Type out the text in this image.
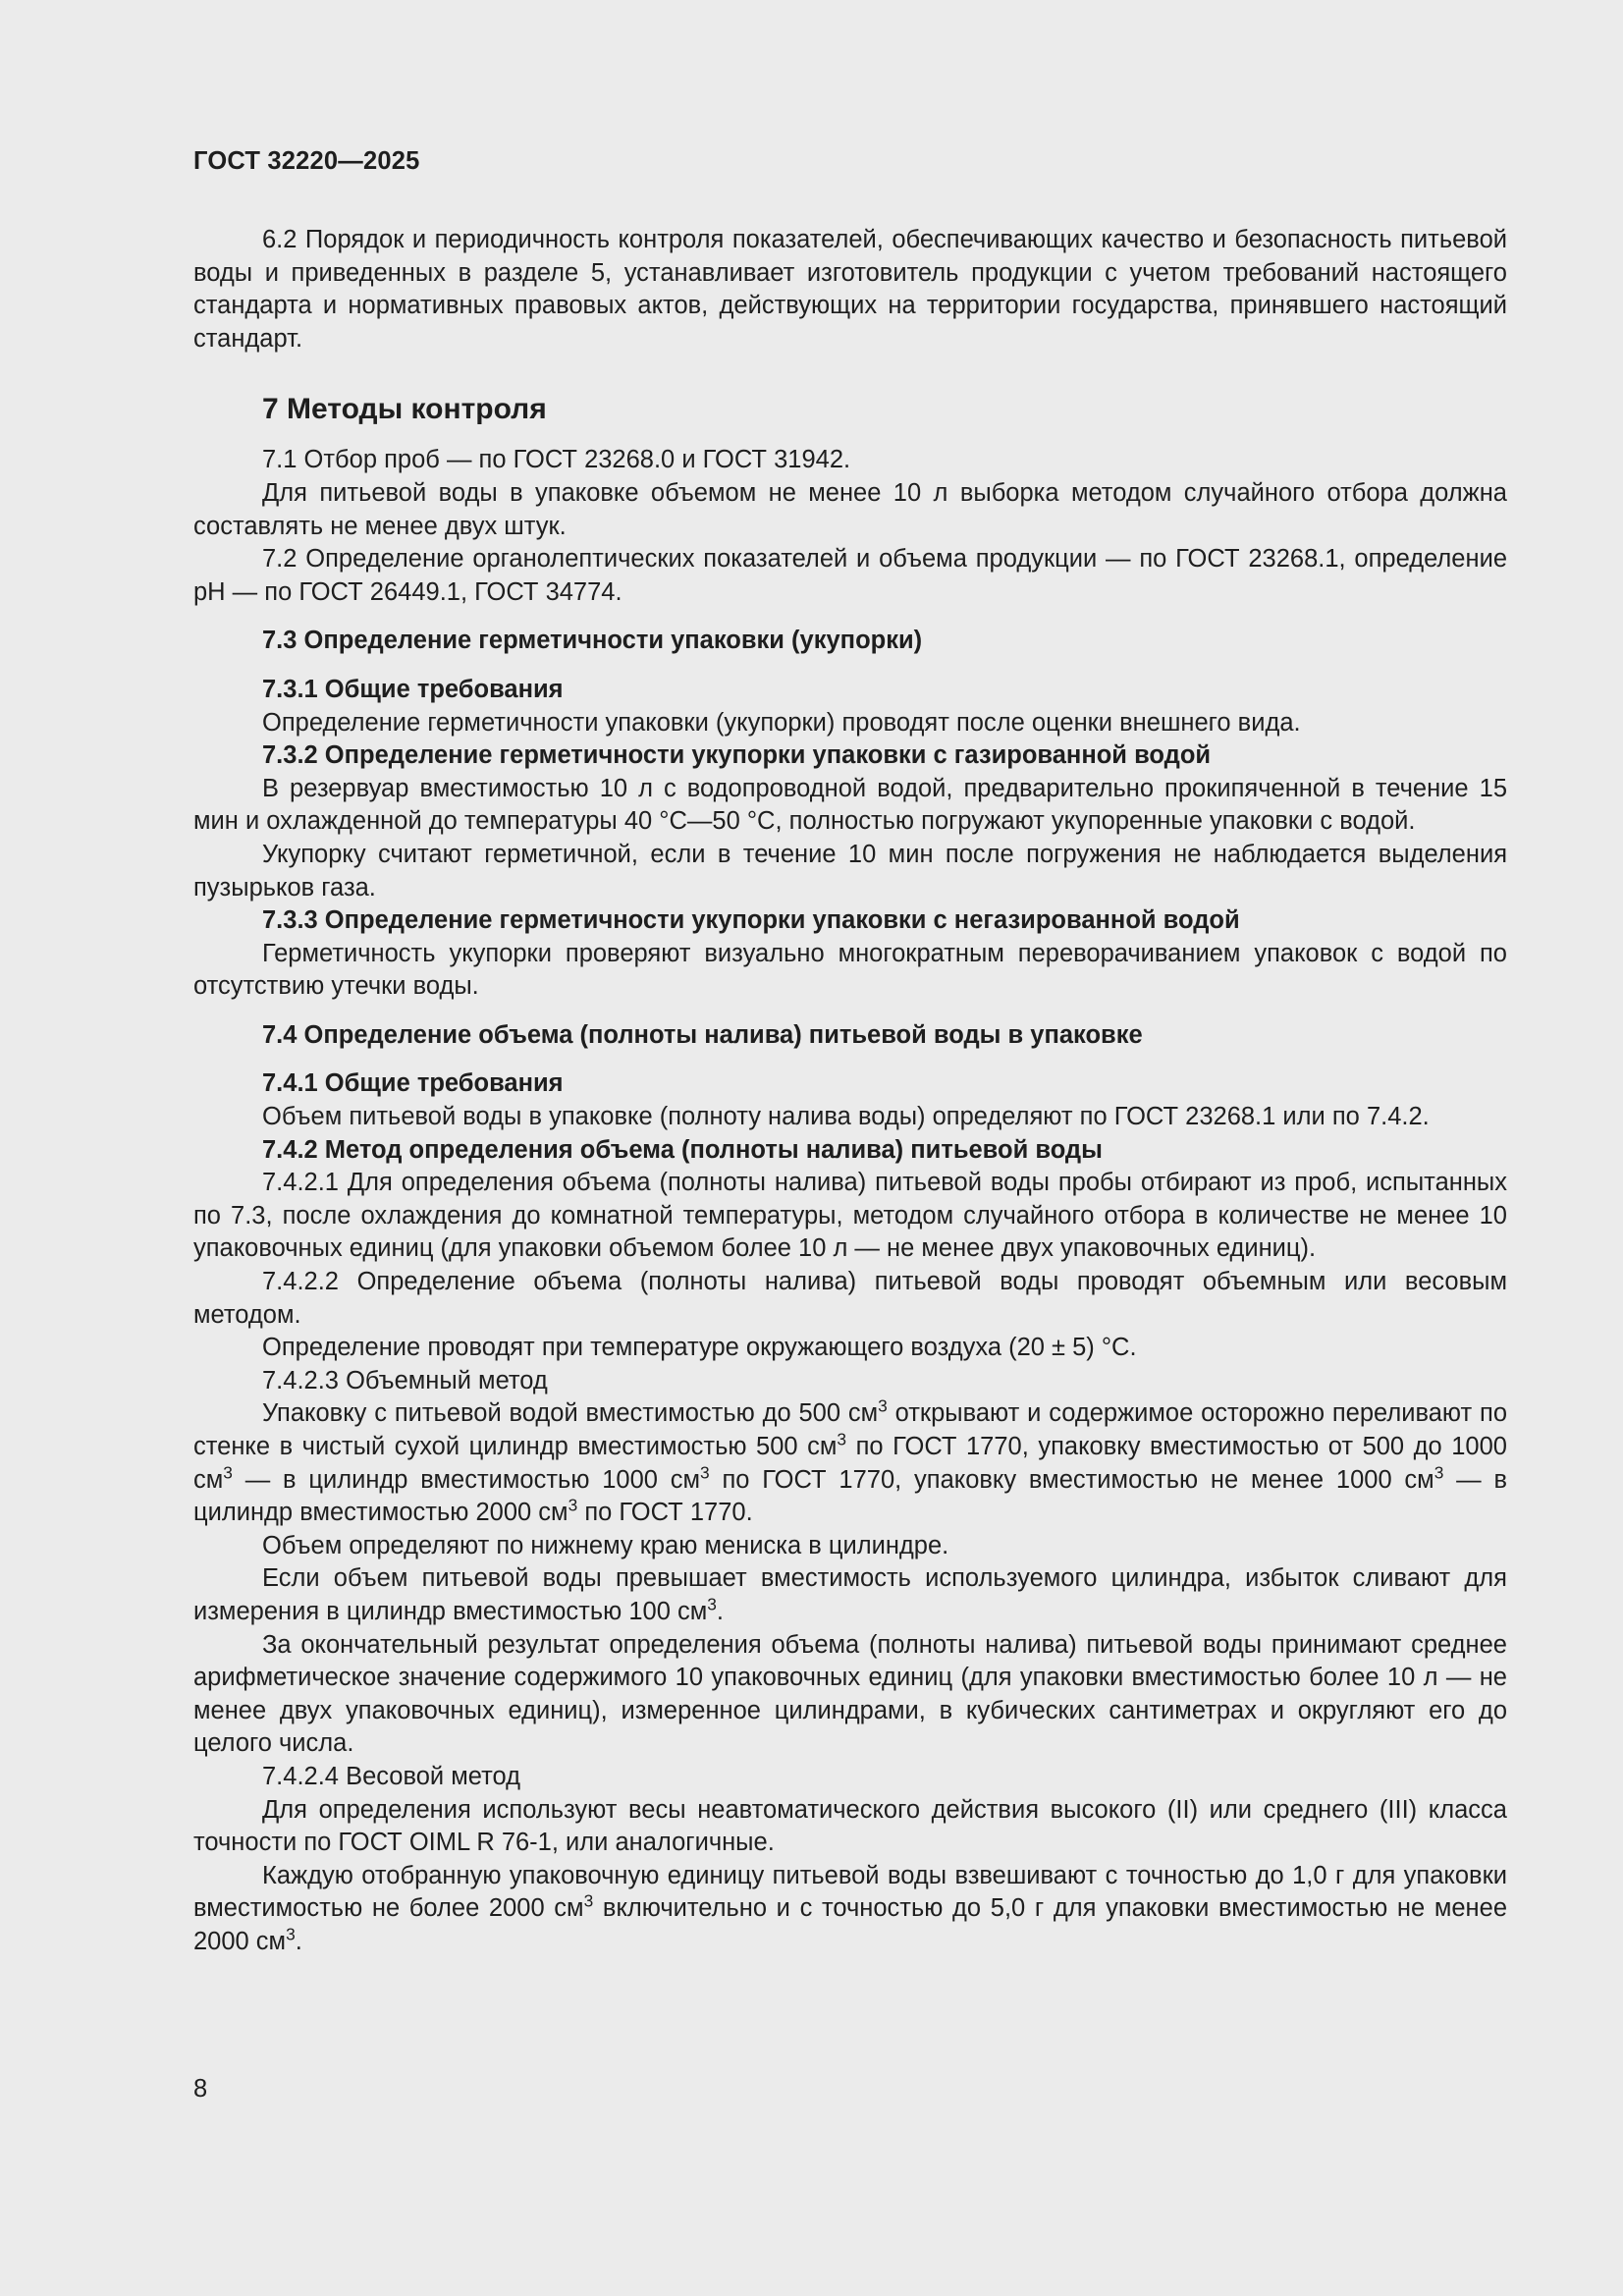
ГОСТ 32220—2025

6.2 Порядок и периодичность контроля показателей, обеспечивающих качество и безопасность питьевой воды и приведенных в разделе 5, устанавливает изготовитель продукции с учетом требований настоящего стандарта и нормативных правовых актов, действующих на территории государства, принявшего настоящий стандарт.

7 Методы контроля

7.1 Отбор проб — по ГОСТ 23268.0 и ГОСТ 31942.

Для питьевой воды в упаковке объемом не менее 10 л выборка методом случайного отбора должна составлять не менее двух штук.

7.2 Определение органолептических показателей и объема продукции — по ГОСТ 23268.1, определение pH — по ГОСТ 26449.1, ГОСТ 34774.

7.3 Определение герметичности упаковки (укупорки)

7.3.1 Общие требования

Определение герметичности упаковки (укупорки) проводят после оценки внешнего вида.

7.3.2 Определение герметичности укупорки упаковки с газированной водой

В резервуар вместимостью 10 л с водопроводной водой, предварительно прокипяченной в течение 15 мин и охлажденной до температуры 40 °С—50 °С, полностью погружают укупоренные упаковки с водой.

Укупорку считают герметичной, если в течение 10 мин после погружения не наблюдается выделения пузырьков газа.

7.3.3 Определение герметичности укупорки упаковки с негазированной водой

Герметичность укупорки проверяют визуально многократным переворачиванием упаковок с водой по отсутствию утечки воды.

7.4 Определение объема (полноты налива) питьевой воды в упаковке

7.4.1 Общие требования

Объем питьевой воды в упаковке (полноту налива воды) определяют по ГОСТ 23268.1 или по 7.4.2.

7.4.2 Метод определения объема (полноты налива) питьевой воды

7.4.2.1 Для определения объема (полноты налива) питьевой воды пробы отбирают из проб, испытанных по 7.3, после охлаждения до комнатной температуры, методом случайного отбора в количестве не менее 10 упаковочных единиц (для упаковки объемом более 10 л — не менее двух упаковочных единиц).

7.4.2.2 Определение объема (полноты налива) питьевой воды проводят объемным или весовым методом.

Определение проводят при температуре окружающего воздуха (20 ± 5) °С.

7.4.2.3 Объемный метод

Упаковку с питьевой водой вместимостью до 500 $см^3$ открывают и содержимое осторожно переливают по стенке в чистый сухой цилиндр вместимостью 500 $см^3$ по ГОСТ 1770, упаковку вместимостью от 500 до 1000 $см^3$ — в цилиндр вместимостью 1000 $см^3$ по ГОСТ 1770, упаковку вместимостью не менее 1000 $см^3$ — в цилиндр вместимостью 2000 $см^3$ по ГОСТ 1770.

Объем определяют по нижнему краю мениска в цилиндре.

Если объем питьевой воды превышает вместимость используемого цилиндра, избыток сливают для измерения в цилиндр вместимостью 100 $см^3$.

За окончательный результат определения объема (полноты налива) питьевой воды принимают среднее арифметическое значение содержимого 10 упаковочных единиц (для упаковки вместимостью более 10 л — не менее двух упаковочных единиц), измеренное цилиндрами, в кубических сантиметрах и округляют его до целого числа.

7.4.2.4 Весовой метод

Для определения используют весы неавтоматического действия высокого (II) или среднего (III) класса точности по ГОСТ OIML R 76-1, или аналогичные.

Каждую отобранную упаковочную единицу питьевой воды взвешивают с точностью до 1,0 г для упаковки вместимостью не более 2000 $см^3$ включительно и с точностью до 5,0 г для упаковки вместимостью не менее 2000 $см^3$.

8
